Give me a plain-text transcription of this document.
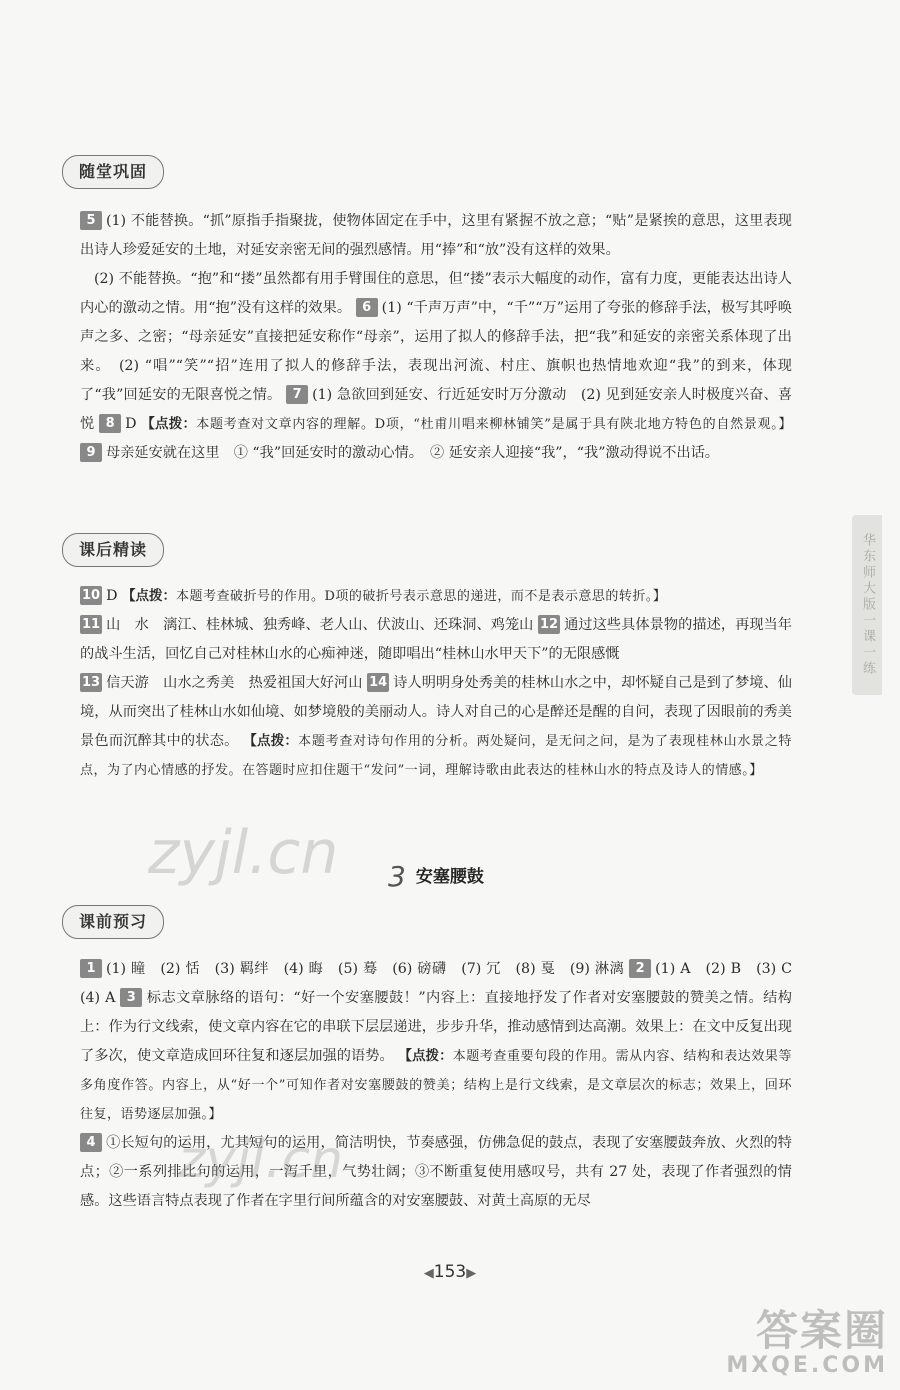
华东师大版一课一练
随堂巩固
5 (1) 不能替换。“抓”原指手指聚拢，使物体固定在手中，这里有紧握不放之意；“贴”是紧挨的意思，这里表现出诗人珍爱延安的土地，对延安亲密无间的强烈感情。用“捧”和“放”没有这样的效果。
(2) 不能替换。“抱”和“搂”虽然都有用手臂围住的意思，但“搂”表示大幅度的动作，富有力度，更能表达出诗人内心的激动之情。用“抱”没有这样的效果。 6 (1) “千声万声”中，“千”“万”运用了夸张的修辞手法，极写其呼唤声之多、之密；“母亲延安”直接把延安称作“母亲”，运用了拟人的修辞手法，把“我”和延安的亲密关系体现了出来。　(2) “唱”“笑”“招”连用了拟人的修辞手法，表现出河流、村庄、旗帜也热情地欢迎“我”的到来，体现了“我”回延安的无限喜悦之情。 7 (1) 急欲回到延安、行近延安时万分激动　(2) 见到延安亲人时极度兴奋、喜悦 8 D 【点拨：本题考查对文章内容的理解。D项，“杜甫川唱来柳林铺笑”是属于具有陕北地方特色的自然景观。】 9 母亲延安就在这里　① “我”回延安时的激动心情。　② 延安亲人迎接“我”，“我”激动得说不出话。
课后精读
10 D 【点拨：本题考查破折号的作用。D项的破折号表示意思的递进，而不是表示意思的转折。】
11 山　水　漓江、桂林城、独秀峰、老人山、伏波山、还珠洞、鸡笼山 12 通过这些具体景物的描述，再现当年的战斗生活，回忆自己对桂林山水的心痴神迷，随即唱出“桂林山水甲天下”的无限感慨
13 信天游　山水之秀美　热爱祖国大好河山 14 诗人明明身处秀美的桂林山水之中，却怀疑自己是到了梦境、仙境，从而突出了桂林山水如仙境、如梦境般的美丽动人。诗人对自己的心是醉还是醒的自问，表现了因眼前的秀美景色而沉醉其中的状态。 【点拨：本题考查对诗句作用的分析。两处疑问，是无问之问，是为了表现桂林山水景之特点，为了内心情感的抒发。在答题时应扣住题干“发问”一词，理解诗歌由此表达的桂林山水的特点及诗人的情感。】
zyjl.cn 3 安塞腰鼓
课前预习
1 (1) 瞳　(2) 恬　(3) 羁绊　(4) 晦　(5) 蓦　(6) 磅礴　(7) 冗　(8) 戛　(9) 淋漓 2 (1) A　(2) B　(3) C　(4) A 3 标志文章脉络的语句：“好一个安塞腰鼓！”内容上：直接地抒发了作者对安塞腰鼓的赞美之情。结构上：作为行文线索，使文章内容在它的串联下层层递进，步步升华，推动感情到达高潮。效果上：在文中反复出现了多次，使文章造成回环往复和逐层加强的语势。 【点拨：本题考查重要句段的作用。需从内容、结构和表达效果等多角度作答。内容上，从“好一个”可知作者对安塞腰鼓的赞美；结构上是行文线索，是文章层次的标志；效果上，回环往复，语势逐层加强。】
4 ①长短句的运用，尤其短句的运用，简洁明快，节奏感强，仿佛急促的鼓点，表现了安塞腰鼓奔放、火烈的特点；②一系列排比句的运用，一泻千里，气势壮阔；③不断重复使用感叹号，共有 27 处，表现了作者强烈的情感。这些语言特点表现了作者在字里行间所蕴含的对安塞腰鼓、对黄土高原的无尽
zyjl.cn
◀153▶
答案圈
MXQE.COM
